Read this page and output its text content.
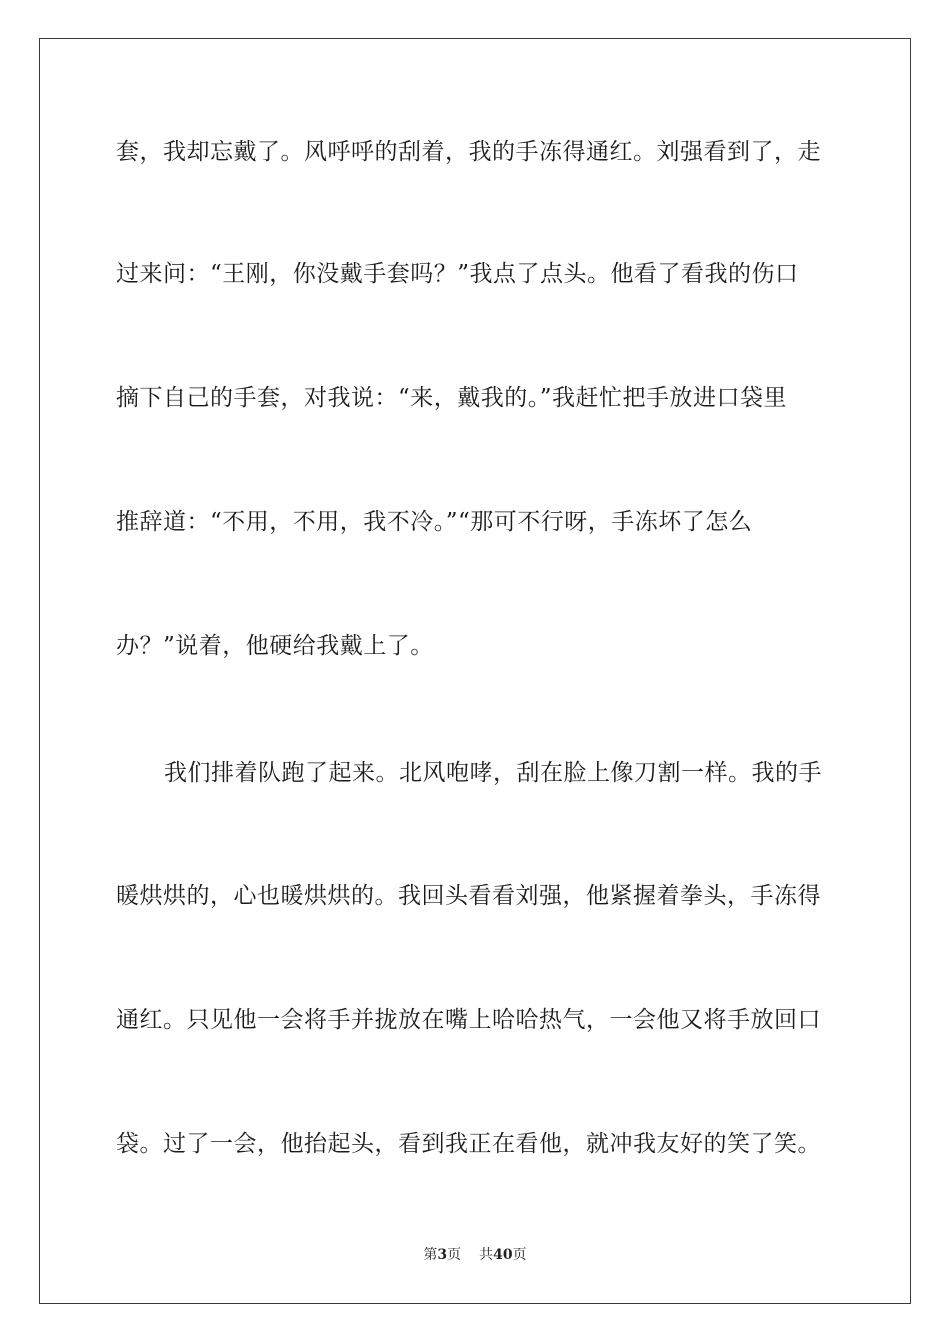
套，我却忘戴了。风呼呼的刮着，我的手冻得通红。刘强看到了，走
过来问：“王刚，你没戴手套吗？”我点了点头。他看了看我的伤口
摘下自己的手套，对我说：“来，戴我的。”我赶忙把手放进口袋里
推辞道：“不用，不用，我不冷。”“那可不行呀，手冻坏了怎么
办？”说着，他硬给我戴上了。
我们排着队跑了起来。北风咆哮，刮在脸上像刀割一样。我的手
暖烘烘的，心也暖烘烘的。我回头看看刘强，他紧握着拳头，手冻得
通红。只见他一会将手并拢放在嘴上哈哈热气，一会他又将手放回口
袋。过了一会，他抬起头，看到我正在看他，就冲我友好的笑了笑。
第3页 共40页
